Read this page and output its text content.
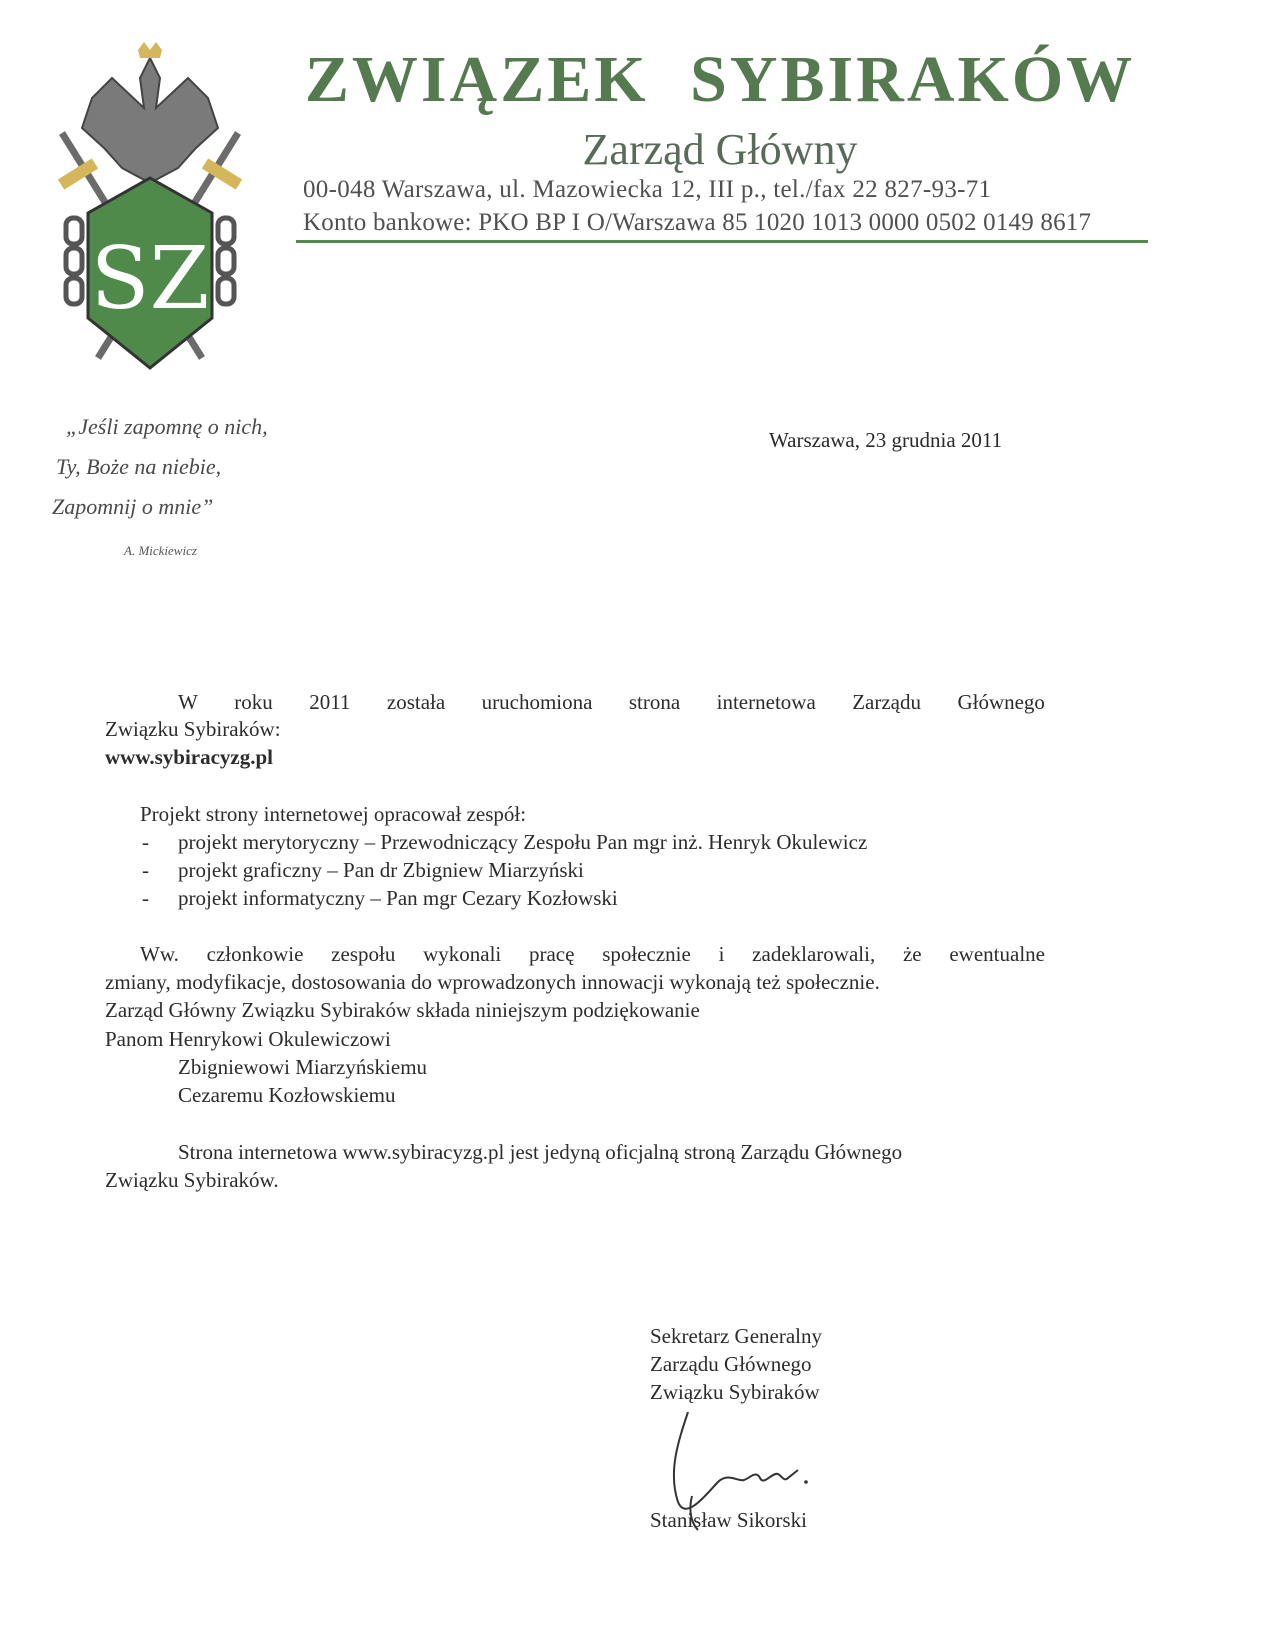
SZ
ZWIĄZEK SYBIRAKÓW
Zarząd Główny
00-048 Warszawa, ul. Mazowiecka 12, III p., tel./fax 22 827-93-71
Konto bankowe: PKO BP I O/Warszawa 85 1020 1013 0000 0502 0149 8617
„Jeśli zapomnę o nich,
Ty, Boże na niebie,
Zapomnij o mnie”
A. Mickiewicz
Warszawa, 23 grudnia 2011
W roku 2011 została uruchomiona strona internetowa Zarządu Głównego
Związku Sybiraków:
www.sybiracyzg.pl
Projekt strony internetowej opracował zespół:
- projekt merytoryczny – Przewodniczący Zespołu Pan mgr inż. Henryk Okulewicz
- projekt graficzny – Pan dr Zbigniew Miarzyński
- projekt informatyczny – Pan mgr Cezary Kozłowski
Ww. członkowie zespołu wykonali pracę społecznie i zadeklarowali, że ewentualne
zmiany, modyfikacje, dostosowania do wprowadzonych innowacji wykonają też społecznie.
Zarząd Główny Związku Sybiraków składa niniejszym podziękowanie
Panom Henrykowi Okulewiczowi
Zbigniewowi Miarzyńskiemu
Cezaremu Kozłowskiemu
Strona internetowa www.sybiracyzg.pl jest jedyną oficjalną stroną Zarządu Głównego
Związku Sybiraków.
Sekretarz Generalny
Zarządu Głównego
Związku Sybiraków
Stanisław Sikorski
